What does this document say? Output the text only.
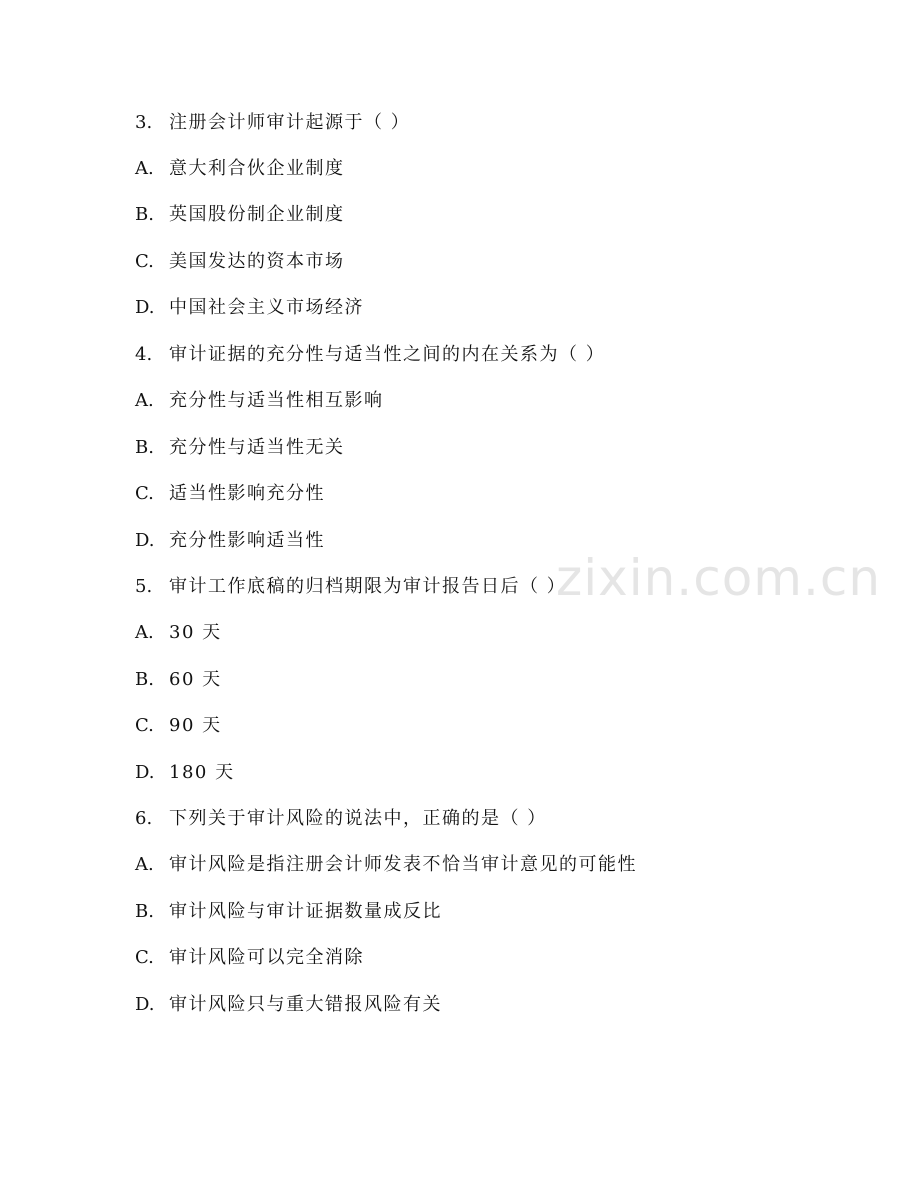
3. 注册会计师审计起源于（ ）
A. 意大利合伙企业制度
B. 英国股份制企业制度
C. 美国发达的资本市场
D. 中国社会主义市场经济
4. 审计证据的充分性与适当性之间的内在关系为（ ）
A. 充分性与适当性相互影响
B. 充分性与适当性无关
C. 适当性影响充分性
D. 充分性影响适当性
5. 审计工作底稿的归档期限为审计报告日后（ ）
A. 30 天
B. 60 天
C. 90 天
D. 180 天
6. 下列关于审计风险的说法中，正确的是（ ）
A. 审计风险是指注册会计师发表不恰当审计意见的可能性
B. 审计风险与审计证据数量成反比
C. 审计风险可以完全消除
D. 审计风险只与重大错报风险有关
zixin.com.cn
